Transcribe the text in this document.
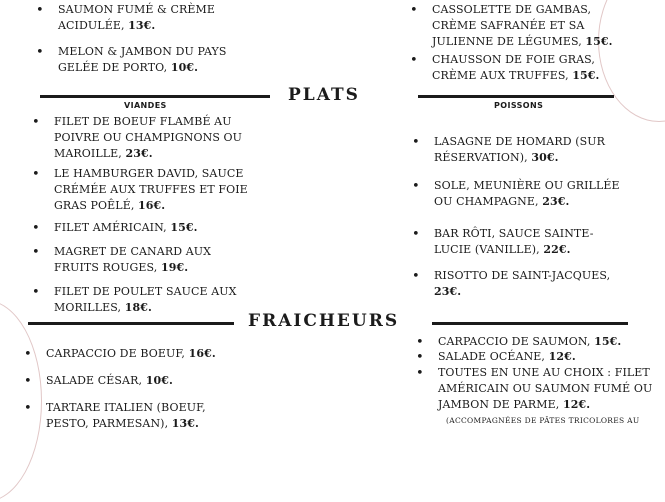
•	SAUMON FUMÉ & CRÈME
ACIDULÉE, 13€.
•	MELON & JAMBON DU PAYS
GELÉE DE PORTO, 10€.
•	CASSOLETTE DE GAMBAS,
CRÈME SAFRANÉE ET SA
JULIENNE DE LÉGUMES, 15€.
•	CHAUSSON DE FOIE GRAS,
CRÈME AUX TRUFFES, 15€.
PLATS
VIANDES	POISSONS
•	FILET DE BOEUF FLAMBÉ AU
POIVRE OU CHAMPIGNONS OU
MAROILLE, 23€.
•	LE HAMBURGER DAVID, SAUCE
CRÉMÉE AUX TRUFFES ET FOIE
GRAS POÊLÉ, 16€.
•	FILET AMÉRICAIN, 15€.
•	MAGRET DE CANARD AUX
FRUITS ROUGES, 19€.
•	FILET DE POULET SAUCE AUX
MORILLES, 18€.
•	LASAGNE DE HOMARD (SUR
RÉSERVATION), 30€.
•	SOLE, MEUNIÈRE OU GRILLÉE
OU CHAMPAGNE, 23€.
•	BAR RÔTI, SAUCE SAINTE-
LUCIE (VANILLE), 22€.
•	RISOTTO DE SAINT-JACQUES,
23€.
FRAICHEURS
•	CARPACCIO DE BOEUF, 16€.
•	SALADE CÉSAR, 10€.
•	TARTARE ITALIEN (BOEUF,
PESTO, PARMESAN), 13€.
•	CARPACCIO DE SAUMON, 15€.
•	SALADE OCÉANE, 12€.
•	TOUTES EN UNE AU CHOIX : FILET
AMÉRICAIN OU SAUMON FUMÉ OU
JAMBON DE PARME, 12€.
(ACCOMPAGNÉES DE PÂTES TRICOLORES AU
